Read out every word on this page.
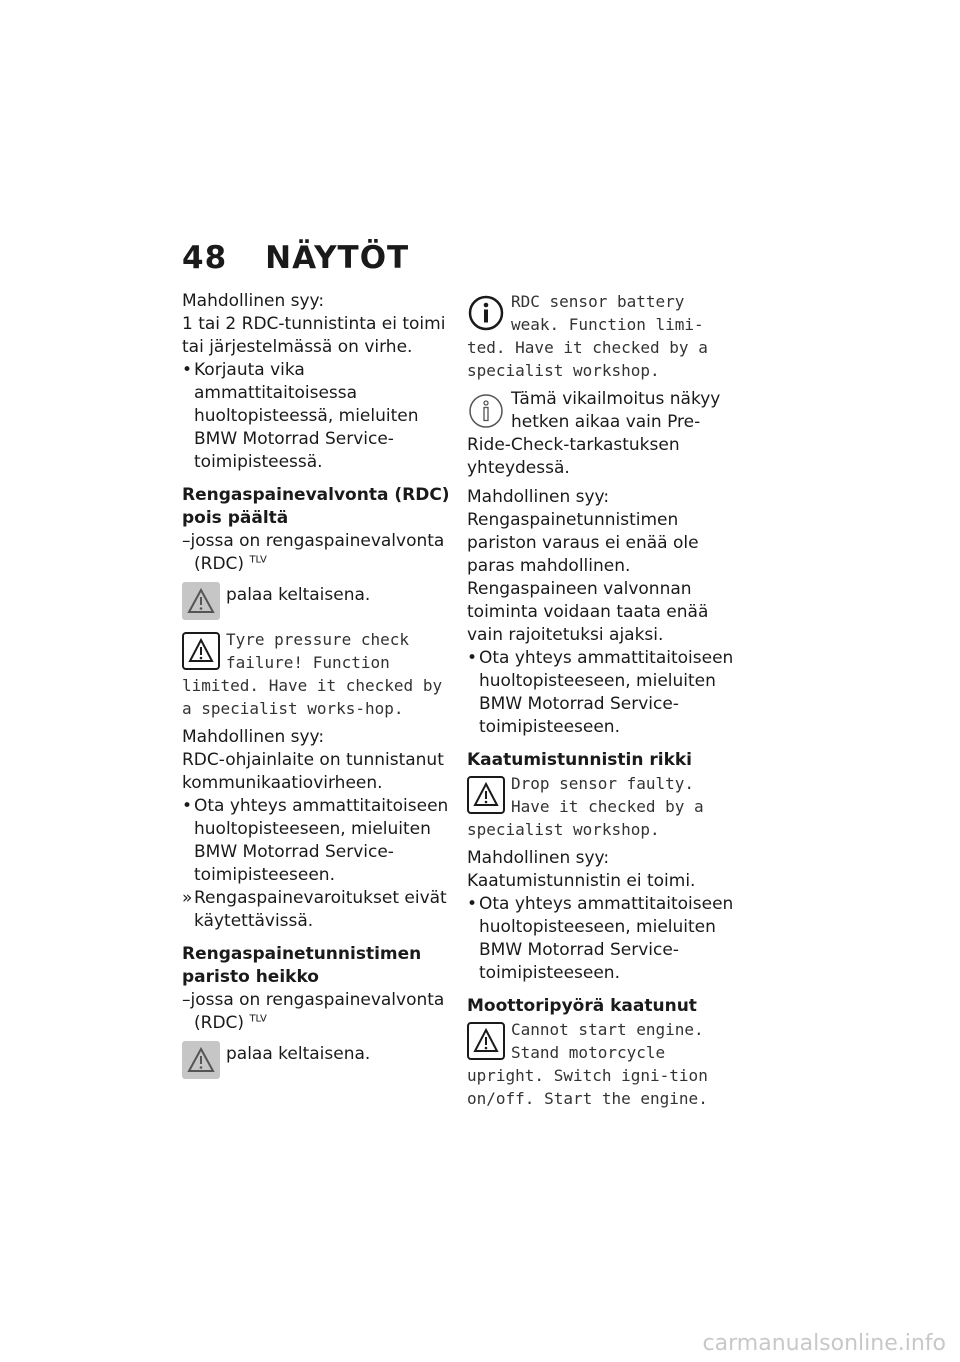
48 NÄYTÖT

Mahdollinen syy:

1 tai 2 RDC-tunnistinta ei toimi tai järjestelmässä on virhe.

• Korjauta vika ammattitaitoisessa huoltopisteessä, mieluiten BMW Motorrad Service-toimipisteessä.

Rengaspainevalvonta (RDC) pois päältä

–jossa on rengaspainevalvonta (RDC) $^{TLV}$

palaa keltaisena.

Tyre pressure check failure! Function limited. Have it checked by a specialist works-hop.

Mahdollinen syy:

RDC-ohjainlaite on tunnistanut kommunikaatiovirheen.

• Ota yhteys ammattitaitoiseen huoltopisteeseen, mieluiten BMW Motorrad Service-toimipisteeseen.

»Rengaspainevaroitukset eivät käytettävissä.

Rengaspainetunnistimen paristo heikko

–jossa on rengaspainevalvonta (RDC) $^{TLV}$

palaa keltaisena.

RDC sensor battery weak. Function limi-ted. Have it checked by a specialist workshop.

Tämä vikailmoitus näkyy hetken aikaa vain Pre-Ride-Check-tarkastuksen yhteydessä.

Mahdollinen syy:

Rengaspainetunnistimen pariston varaus ei enää ole paras mahdollinen. Rengaspaineen valvonnan toiminta voidaan taata enää vain rajoitetuksi ajaksi.

• Ota yhteys ammattitaitoiseen huoltopisteeseen, mieluiten BMW Motorrad Service-toimipisteeseen.

Kaatumistunnistin rikki

Drop sensor faulty. Have it checked by a specialist workshop.

Mahdollinen syy:

Kaatumistunnistin ei toimi.

• Ota yhteys ammattitaitoiseen huoltopisteeseen, mieluiten BMW Motorrad Service-toimipisteeseen.

Moottoripyörä kaatunut

Cannot start engine. Stand motorcycle upright. Switch igni-tion on/off. Start the engine.

carmanualsonline.info
